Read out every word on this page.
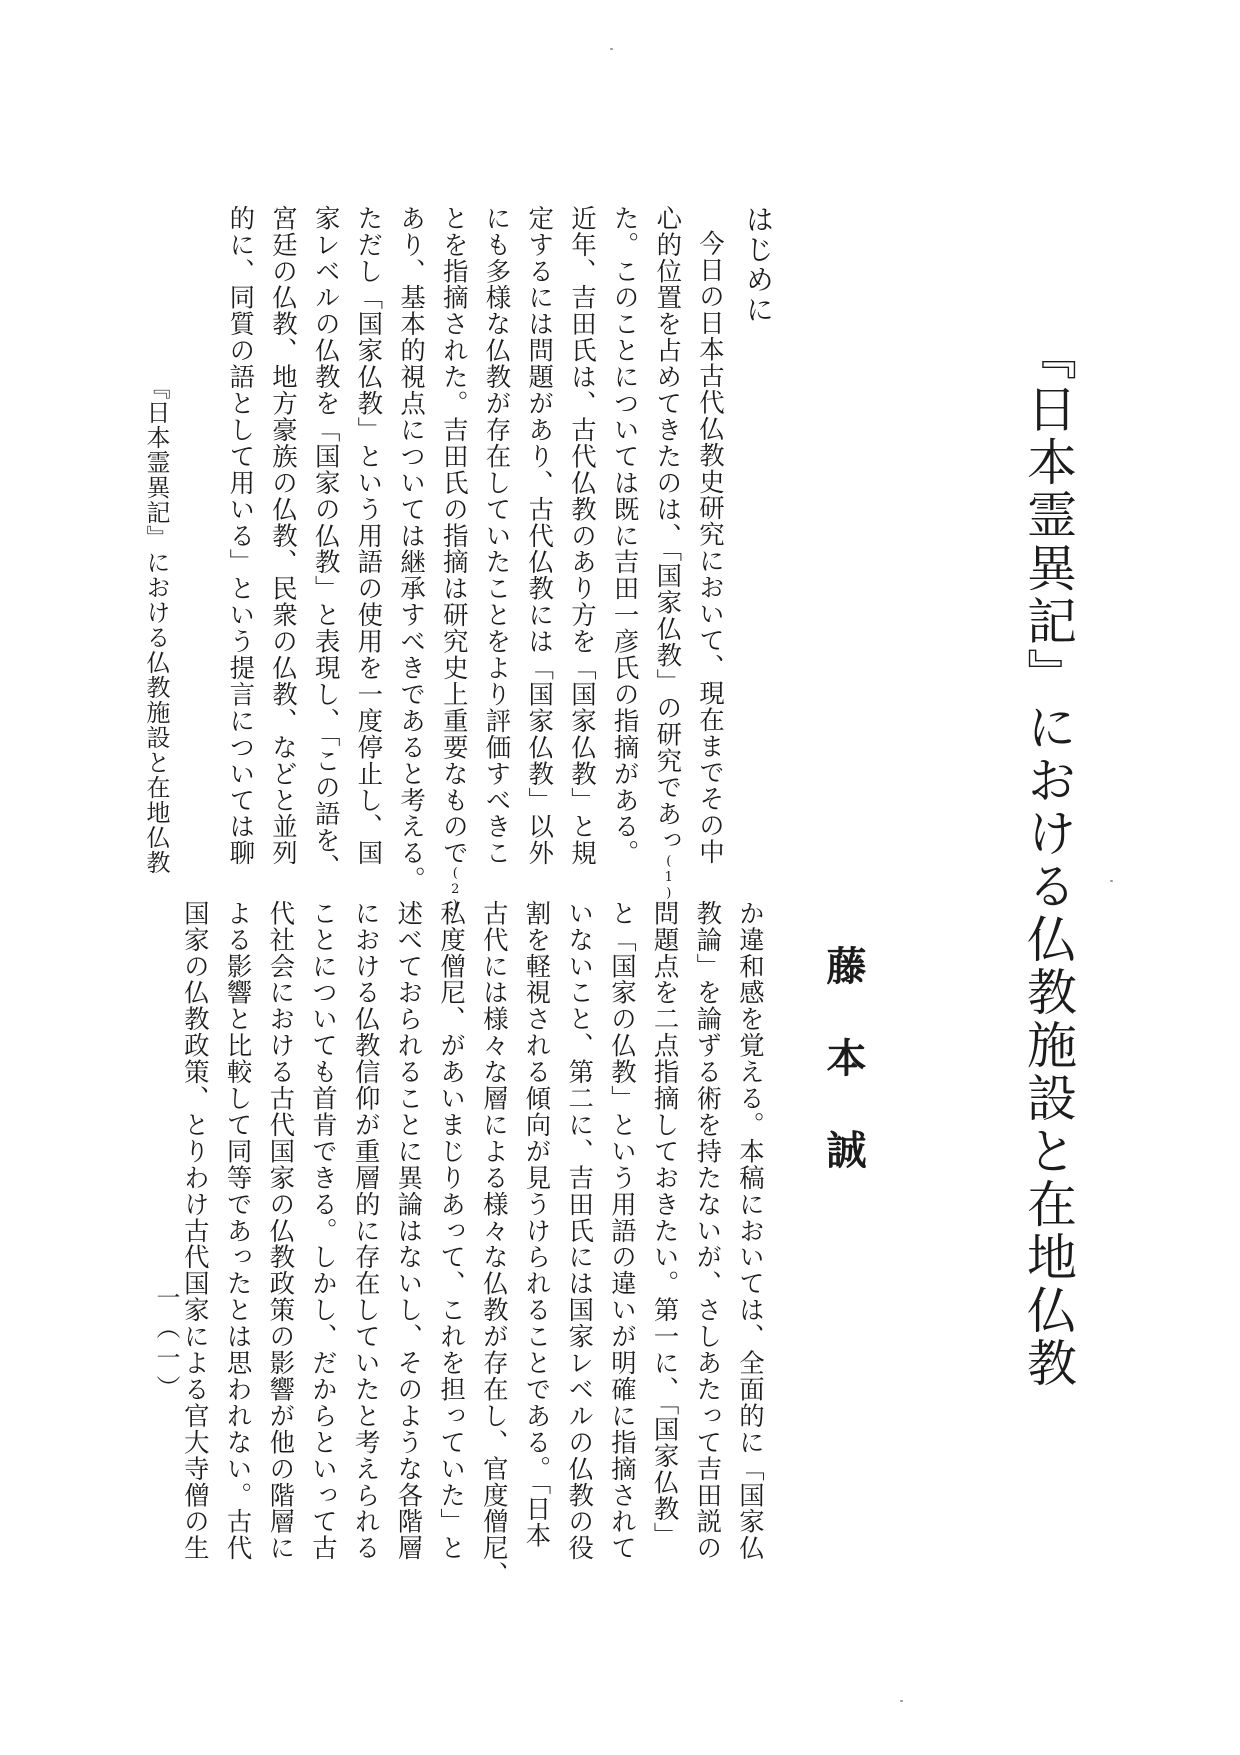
『日本霊異記』における仏教施設と在地仏教
藤本誠
はじめに
今日の日本古代仏教史研究において、現在までその中
心的位置を占めてきたのは、「国家仏教」の研究であっ(1)
た。このことについては既に吉田一彦氏の指摘がある。
近年、吉田氏は、古代仏教のあり方を「国家仏教」と規
定するには問題があり、古代仏教には「国家仏教」以外
にも多様な仏教が存在していたことをより評価すべきこ
とを指摘された。吉田氏の指摘は研究史上重要なもので(2)
あり、基本的視点については継承すべきであると考える。
ただし「国家仏教」という用語の使用を一度停止し、国
家レベルの仏教を「国家の仏教」と表現し、「この語を、
宮廷の仏教、地方豪族の仏教、民衆の仏教、などと並列
的に、同質の語として用いる」という提言については聊
か違和感を覚える。本稿においては、全面的に「国家仏
教論」を論ずる術を持たないが、さしあたって吉田説の
問題点を二点指摘しておきたい。第一に、「国家仏教」
と「国家の仏教」という用語の違いが明確に指摘されて
いないこと、第二に、吉田氏には国家レベルの仏教の役
割を軽視される傾向が見うけられることである。「日本
古代には様々な層による様々な仏教が存在し、官度僧尼、
私度僧尼、があいまじりあって、これを担っていた」と
述べておられることに異論はないし、そのような各階層
における仏教信仰が重層的に存在していたと考えられる
ことについても首肯できる。しかし、だからといって古
代社会における古代国家の仏教政策の影響が他の階層に
よる影響と比較して同等であったとは思われない。古代
国家の仏教政策、とりわけ古代国家による官大寺僧の生
『日本霊異記』における仏教施設と在地仏教
一（一）
